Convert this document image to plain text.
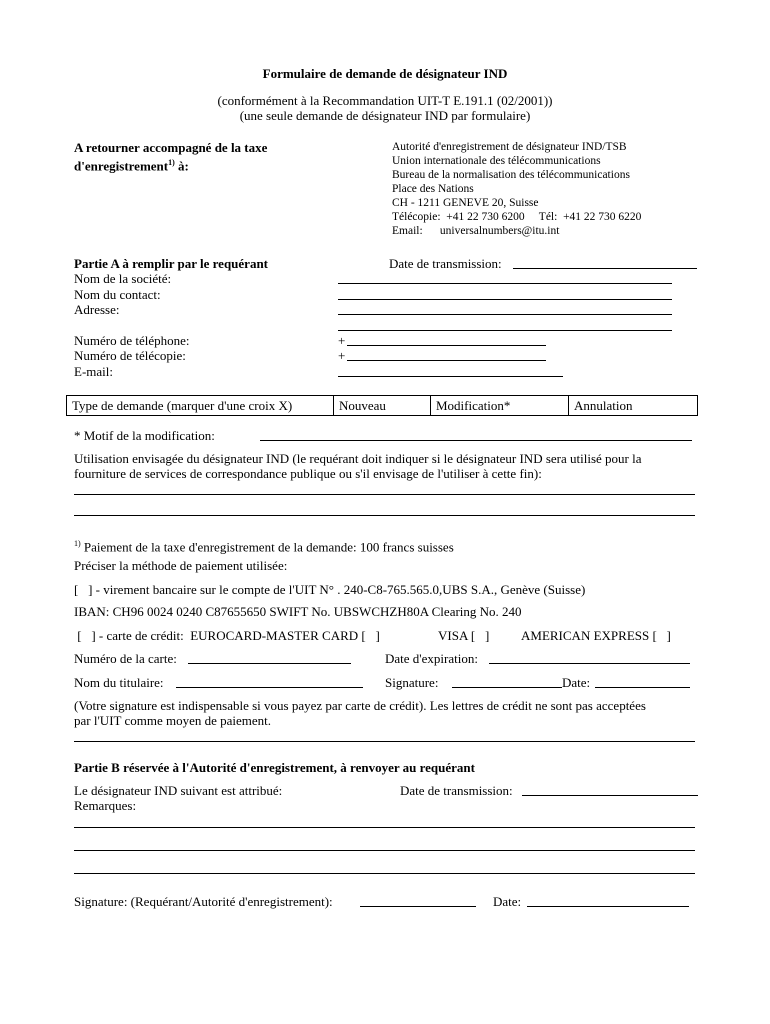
Formulaire de demande de désignateur IND
(conformément à la Recommandation UIT-T E.191.1 (02/2001))
(une seule demande de désignateur IND par formulaire)
A retourner accompagné de la taxe
d'enregistrement$^{1)}$ à:
Autorité d'enregistrement de désignateur IND/TSB
Union internationale des télécommunications
Bureau de la normalisation des télécommunications
Place des Nations
CH - 1211 GENEVE 20, Suisse
Télécopie:  +41 22 730 6200     Tél:  +41 22 730 6220
Email:      universalnumbers@itu.int
Partie A à remplir par le requérant	Date de transmission:
Nom de la société:
Nom du contact:
Adresse:
Numéro de téléphone:	+
Numéro de télécopie:	+
E-mail:
Type de demande (marquer d'une croix X)	Nouveau	Modification*	Annulation
* Motif de la modification:
Utilisation envisagée du désignateur IND (le requérant doit indiquer si le désignateur IND sera utilisé pour la
fourniture de services de correspondance publique ou s'il envisage de l'utiliser à cette fin):
$^{1)}$ Paiement de la taxe d'enregistrement de la demande: 100 francs suisses
Préciser la méthode de paiement utilisée:
[   ] - virement bancaire sur le compte de l'UIT N° . 240-C8-765.565.0,UBS S.A., Genève (Suisse)
IBAN: CH96 0024 0240 C87655650 SWIFT No. UBSWCHZH80A Clearing No. 240
[   ] - carte de crédit:  EUROCARD-MASTER CARD [   ]	VISA [   ] AMERICAN EXPRESS [   ]
Numéro de la carte:	Date d'expiration:
Nom du titulaire:	Signature:	Date:
(Votre signature est indispensable si vous payez par carte de crédit). Les lettres de crédit ne sont pas acceptées
par l'UIT comme moyen de paiement.
Partie B réservée à l'Autorité d'enregistrement, à renvoyer au requérant
Le désignateur IND suivant est attribué:	Date de transmission:
Remarques:
Signature: (Requérant/Autorité d'enregistrement):	Date:
